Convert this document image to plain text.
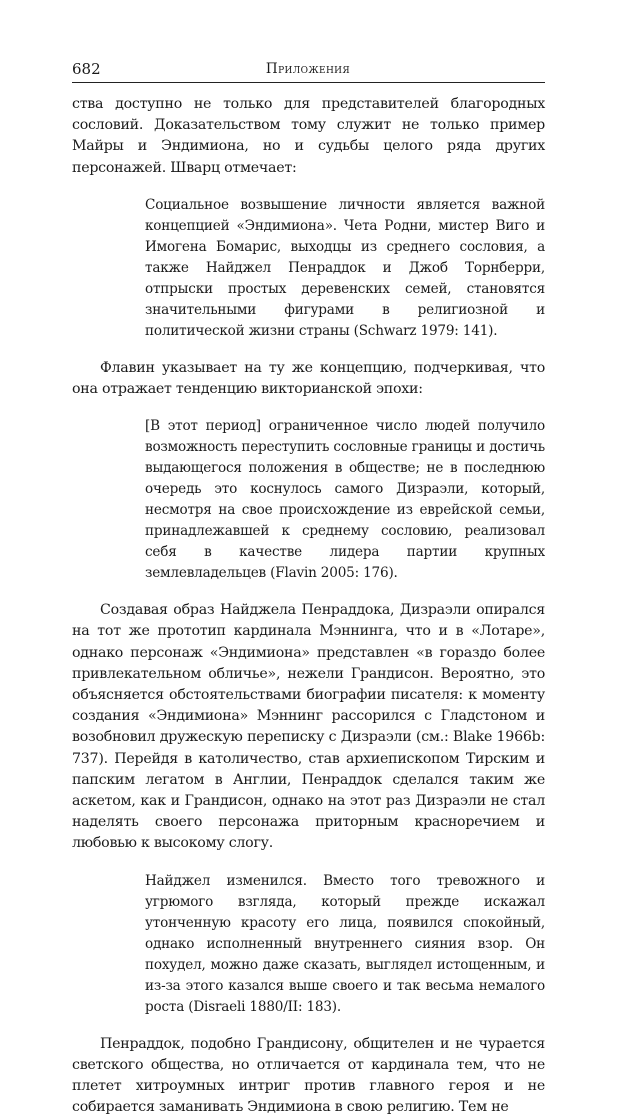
682	Приложения

ства доступно не только для представителей благородных сословий. Доказательством тому служит не только пример Майры и Эндимиона, но и судьбы целого ряда других персонажей. Шварц отмечает:

Социальное возвышение личности является важной концепцией «Эндимиона». Чета Родни, мистер Виго и Имогена Бомарис, выходцы из среднего сословия, а также Найджел Пенраддок и Джоб Торнберри, отпрыски простых деревенских семей, становятся значительными фигурами в религиозной и политической жизни страны (Schwarz 1979: 141).

Флавин указывает на ту же концепцию, подчеркивая, что она отражает тенденцию викторианской эпохи:

[В этот период] ограниченное число людей получило возможность переступить сословные границы и достичь выдающегося положения в обществе; не в последнюю очередь это коснулось самого Дизраэли, который, несмотря на свое происхождение из еврейской семьи, принадлежавшей к среднему сословию, реализовал себя в качестве лидера партии крупных землевладельцев (Flavin 2005: 176).

Создавая образ Найджела Пенраддока, Дизраэли опирался на тот же прототип кардинала Мэннинга, что и в «Лотаре», однако персонаж «Эндимиона» представлен «в гораздо более привлекательном обличье», нежели Грандисон. Вероятно, это объясняется обстоятельствами биографии писателя: к моменту создания «Эндимиона» Мэннинг рассорился с Гладстоном и возобновил дружескую переписку с Дизраэли (см.: Blake 1966b: 737). Перейдя в католичество, став архиепископом Тирским и папским легатом в Англии, Пенраддок сделался таким же аскетом, как и Грандисон, однако на этот раз Дизраэли не стал наделять своего персонажа приторным красноречием и любовью к высокому слогу.

Найджел изменился. Вместо того тревожного и угрюмого взгляда, который прежде искажал утонченную красоту его лица, появился спокойный, однако исполненный внутреннего сияния взор. Он похудел, можно даже сказать, выглядел истощенным, и из-за этого казался выше своего и так весьма немалого роста (Disraeli 1880/II: 183).

Пенраддок, подобно Грандисону, общителен и не чурается светского общества, но отличается от кардинала тем, что не плетет хитроумных интриг против главного героя и не собирается заманивать Эндимиона в свою религию. Тем не
